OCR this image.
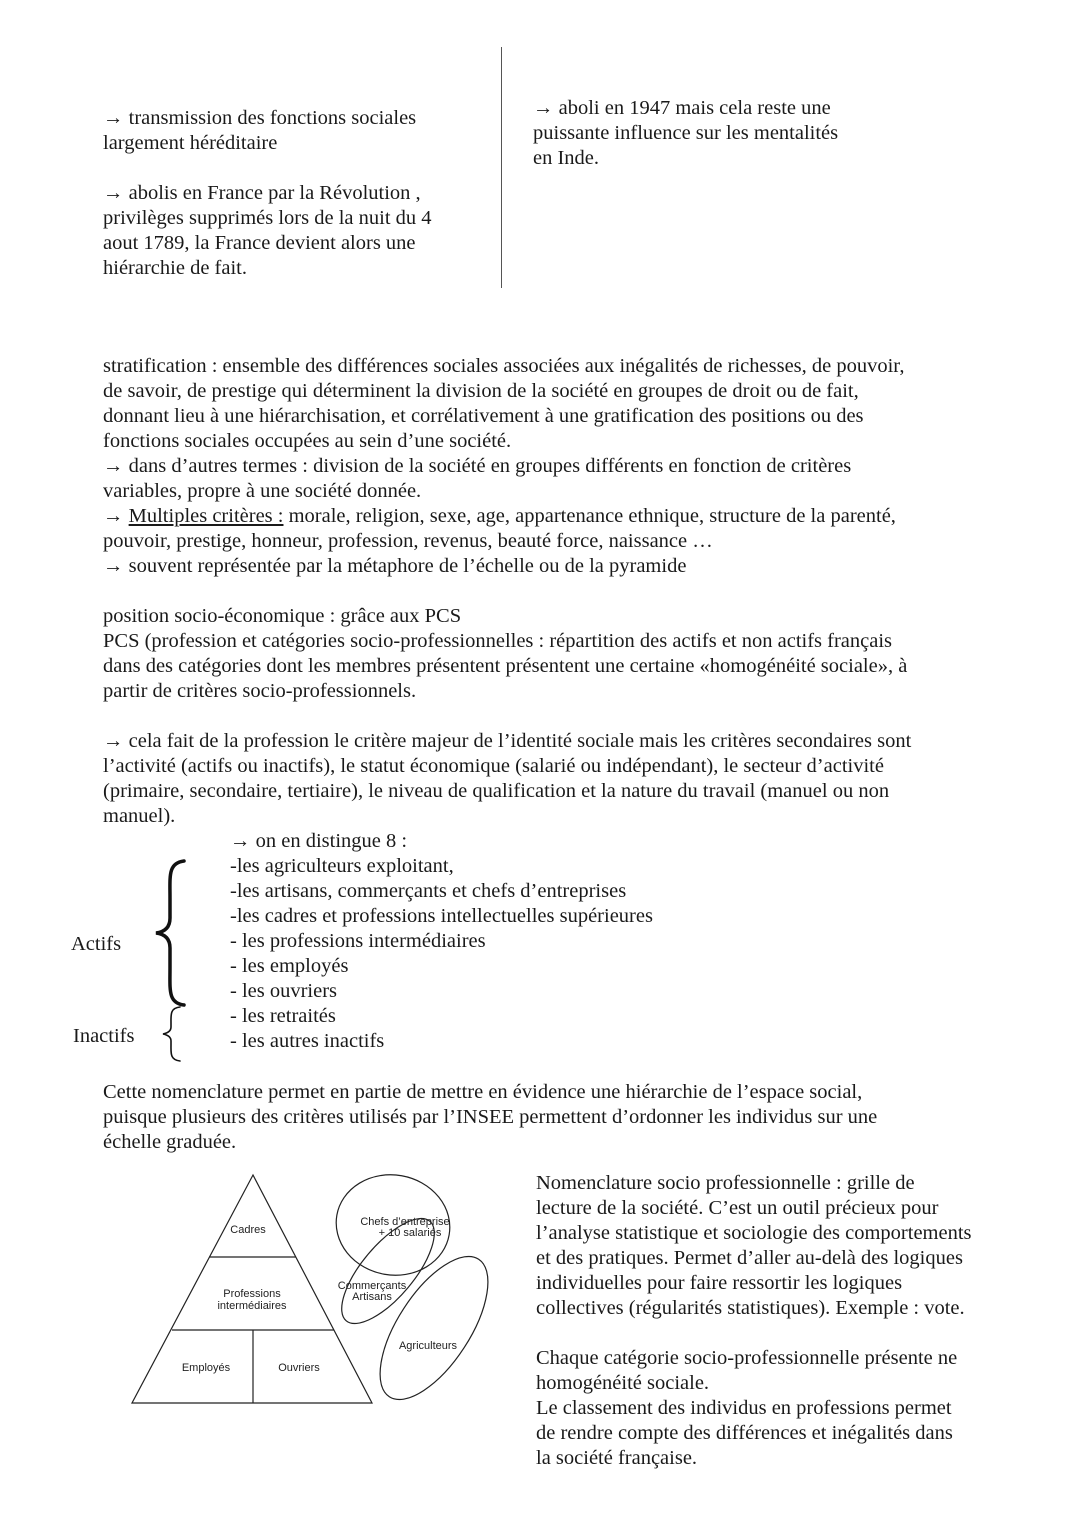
→ transmission des fonctions sociales

largement héréditaire

→ abolis en France par la Révolution ,

privilèges supprimés lors de la nuit du 4

aout 1789, la France devient alors une

hiérarchie de fait.

→ aboli en 1947 mais cela reste une

puissante influence sur les mentalités

en Inde.

stratification : ensemble des différences sociales associées aux inégalités de richesses, de pouvoir,

de savoir, de prestige qui déterminent la division de la société en groupes de droit ou de fait,

donnant lieu à une hiérarchisation, et corrélativement à une gratification des positions ou des

fonctions sociales occupées au sein d’une société.

→ dans d’autres termes : division de la société en groupes différents en fonction de critères

variables, propre à une société donnée.

→ Multiples critères : morale, religion, sexe, age, appartenance ethnique, structure de la parenté,

pouvoir, prestige, honneur, profession, revenus, beauté force, naissance …

→ souvent représentée par la métaphore de l’échelle ou de la pyramide

position socio-économique : grâce aux PCS

PCS (profession et catégories socio-professionnelles : répartition des actifs et non actifs français

dans des catégories dont les membres présentent présentent une certaine «homogénéité sociale», à

partir de critères socio-professionnels.

→ cela fait de la profession le critère majeur de l’identité sociale mais les critères secondaires sont

l’activité (actifs ou inactifs), le statut économique (salarié ou indépendant), le secteur d’activité

(primaire, secondaire, tertiaire), le niveau de qualification et la nature du travail (manuel ou non

manuel).

→ on en distingue 8 :

-les agriculteurs exploitant,

-les artisans, commerçants et chefs d’entreprises

-les cadres et professions intellectuelles supérieures

- les professions intermédiaires

- les employés

- les ouvriers

- les retraités

- les autres inactifs

Actifs
Inactifs

Cette nomenclature permet en partie de mettre en évidence une hiérarchie de l’espace social,

puisque plusieurs des critères utilisés par l’INSEE permettent d’ordonner les individus sur une

échelle graduée.

Cadres
Professions
intermédiaires
Employés	Ouvriers
Chefs d’entreprise
+ 10 salariés
Commerçants
Artisans
Agriculteurs

Nomenclature socio professionnelle : grille de

lecture de la société. C’est un outil précieux pour

l’analyse statistique et sociologie des comportements

et des pratiques. Permet d’aller au-delà des logiques

individuelles pour faire ressortir les logiques

collectives (régularités statistiques). Exemple : vote.

Chaque catégorie socio-professionnelle présente ne

homogénéité sociale.

Le classement des individus en professions permet

de rendre compte des différences et inégalités dans

la société française.
